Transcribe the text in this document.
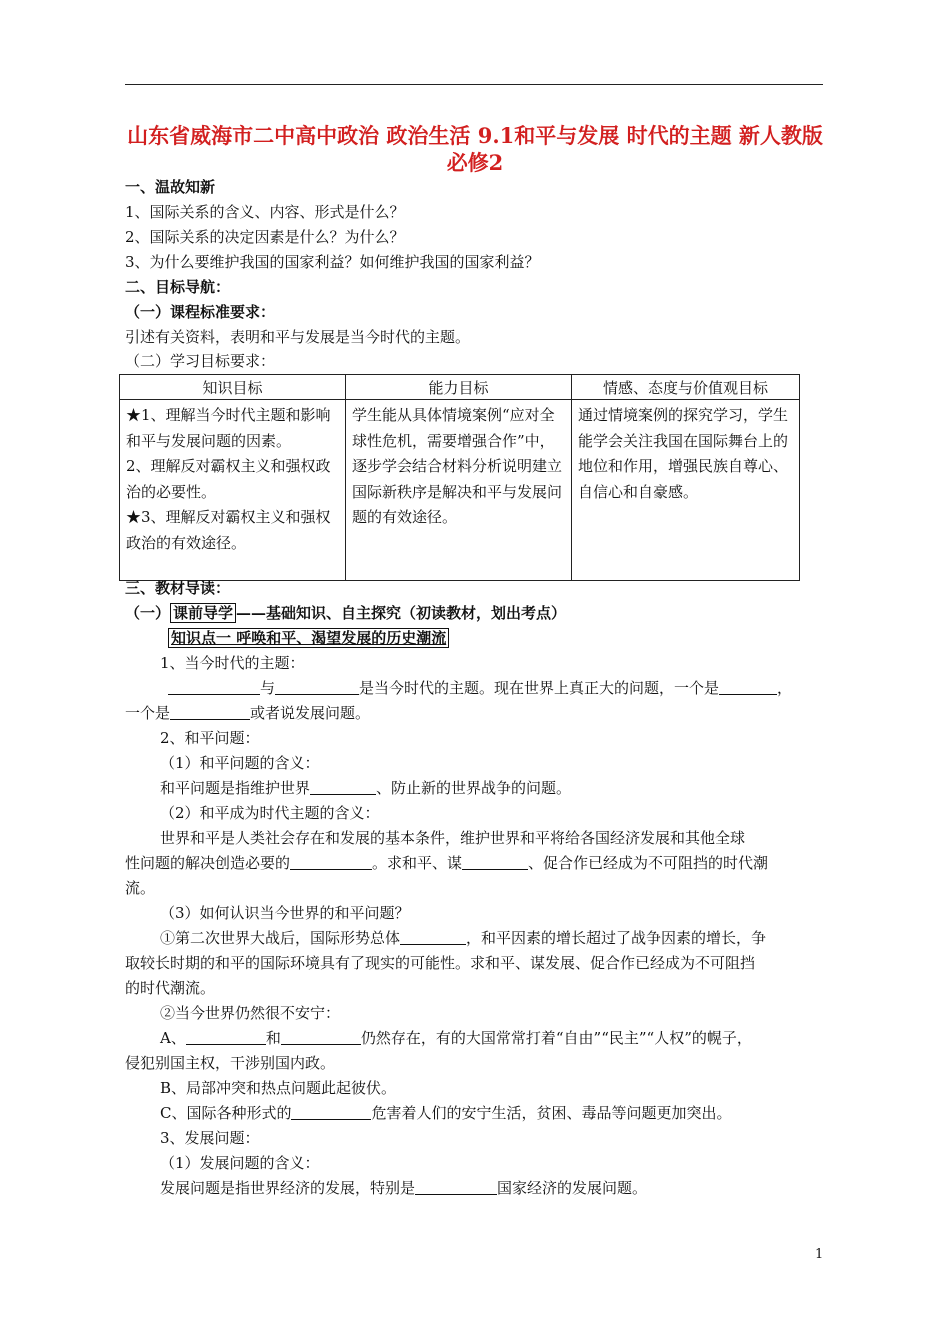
山东省威海市二中高中政治 政治生活 9.1和平与发展 时代的主题 新人教版 必修2
一、温故知新
1、国际关系的含义、内容、形式是什么？
2、国际关系的决定因素是什么？为什么？
3、为什么要维护我国的国家利益？如何维护我国的国家利益？
二、目标导航：
（一）课程标准要求：
引述有关资料，表明和平与发展是当今时代的主题。
（二）学习目标要求：
知识目标	能力目标	情感、态度与价值观目标

★1、理解当今时代主题和影响和平与发展问题的因素。
2、理解反对霸权主义和强权政治的必要性。
★3、理解反对霸权主义和强权政治的有效途径。	学生能从具体情境案例“应对全球性危机，需要增强合作”中，逐步学会结合材料分析说明建立国际新秩序是解决和平与发展问题的有效途径。	通过情境案例的探究学习，学生能学会关注我国在国际舞台上的地位和作用，增强民族自尊心、自信心和自豪感。
三、教材导读：
（一） 课前导学 ——基础知识、自主探究（初读教材，划出考点）
知识点一 呼唤和平、渴望发展的历史潮流
1、当今时代的主题：
与	是当今时代的主题。现在世界上真正大的问题，一个是	，
一个是	或者说发展问题。
2、和平问题：
（1）和平问题的含义：
和平问题是指维护世界	、防止新的世界战争的问题。
（2）和平成为时代主题的含义：
世界和平是人类社会存在和发展的基本条件，维护世界和平将给各国经济发展和其他全球
性问题的解决创造必要的	。求和平、谋	、促合作已经成为不可阻挡的时代潮
流。
（3）如何认识当今世界的和平问题？
①第二次世界大战后，国际形势总体	，和平因素的增长超过了战争因素的增长，争
取较长时期的和平的国际环境具有了现实的可能性。求和平、谋发展、促合作已经成为不可阻挡
的时代潮流。
②当今世界仍然很不安宁：
A、	和	仍然存在，有的大国常常打着“自由”“民主”“人权”的幌子，
侵犯别国主权，干涉别国内政。
B、局部冲突和热点问题此起彼伏。
C、国际各种形式的	危害着人们的安宁生活，贫困、毒品等问题更加突出。
3、发展问题：
（1）发展问题的含义：
发展问题是指世界经济的发展，特别是	国家经济的发展问题。
1
